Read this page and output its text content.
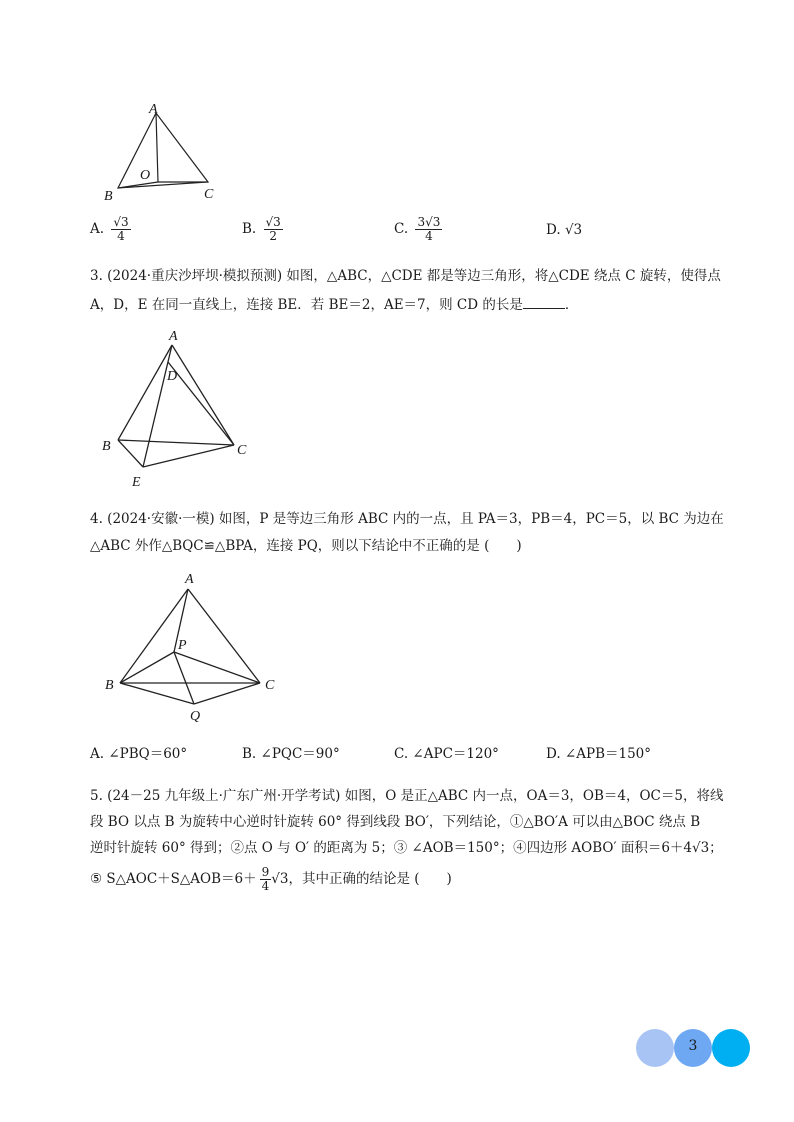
A
B	C
O
A. $\frac{√3}{4}$	B. $\frac{√3}{2}$	C. $\frac{3√3}{4}$	D. √3
3. (2024·重庆沙坪坝·模拟预测) 如图，△ABC，△CDE 都是等边三角形，将△CDE 绕点 C 旋转，使得点
A，D，E 在同一直线上，连接 BE．若 BE＝2，AE＝7，则 CD 的长是	．
A
D
B	C
E
4. (2024·安徽·一模) 如图，P 是等边三角形 ABC 内的一点，且 PA＝3，PB＝4，PC＝5，以 BC 为边在
△ABC 外作△BQC≌△BPA，连接 PQ，则以下结论中不正确的是 (　　)
A
P
B	C
Q
A. ∠PBQ＝60°	B. ∠PQC＝90°	C. ∠APC＝120°	D. ∠APB＝150°
5. (24－25 九年级上·广东广州·开学考试) 如图，O 是正△ABC 内一点，OA＝3，OB＝4，OC＝5，将线
段 BO 以点 B 为旋转中心逆时针旋转 60° 得到线段 BO′，下列结论，①△BO′A 可以由△BOC 绕点 B
逆时针旋转 60° 得到；②点 O 与 O′ 的距离为 5；③ ∠AOB＝150°；④四边形 AOBO′ 面积＝6＋4√3；
⑤ S△AOC＋S△AOB＝6＋ $\frac{9}{4} √3$，其中正确的结论是 (　　)
3
